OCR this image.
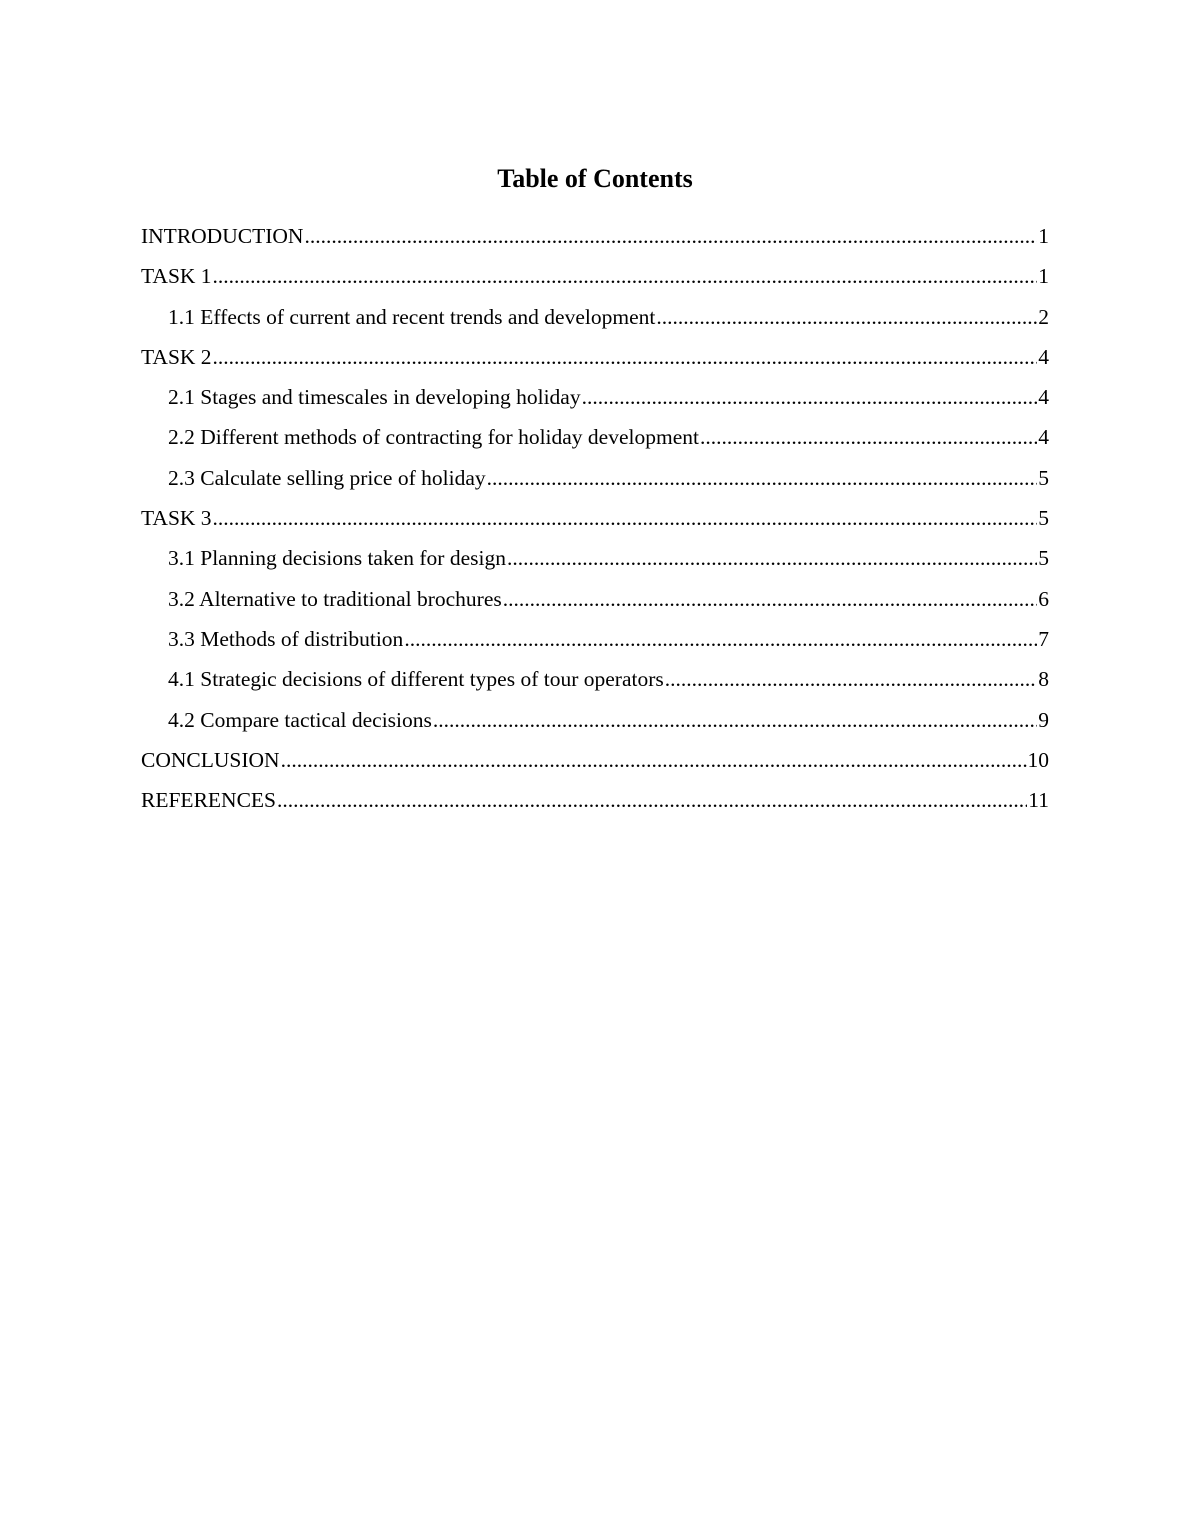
Table of Contents
INTRODUCTION .....	1
TASK 1 .....	1
1.1 Effects of current and recent trends and development .....	2
TASK 2 .....	4
2.1 Stages and timescales in developing holiday .....	4
2.2 Different methods of contracting for holiday development .....	4
2.3 Calculate selling price of holiday .....	5
TASK 3 .....	5
3.1 Planning decisions taken for design .....	5
3.2 Alternative to traditional brochures .....	6
3.3 Methods of distribution .....	7
4.1 Strategic decisions of different types of tour operators .....	8
4.2 Compare tactical decisions .....	9
CONCLUSION .....	10
REFERENCES .....	11
